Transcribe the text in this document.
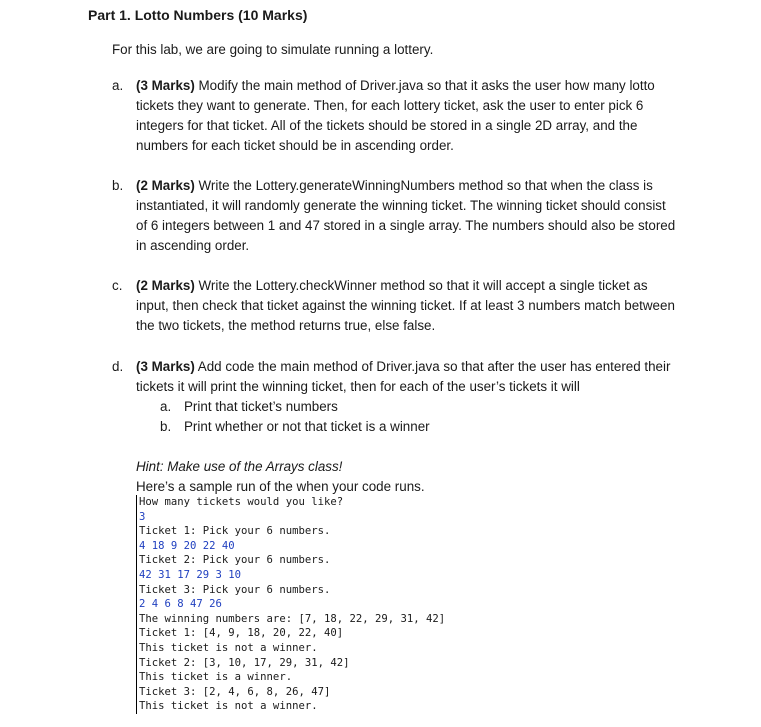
Part 1. Lotto Numbers (10 Marks)
For this lab, we are going to simulate running a lottery.
a. (3 Marks) Modify the main method of Driver.java so that it asks the user how many lotto
tickets they want to generate. Then, for each lottery ticket, ask the user to enter pick 6
integers for that ticket. All of the tickets should be stored in a single 2D array, and the
numbers for each ticket should be in ascending order.
b. (2 Marks) Write the Lottery.generateWinningNumbers method so that when the class is
instantiated, it will randomly generate the winning ticket. The winning ticket should consist
of 6 integers between 1 and 47 stored in a single array. The numbers should also be stored
in ascending order.
c.	(2 Marks) Write the Lottery.checkWinner method so that it will accept a single ticket as
input, then check that ticket against the winning ticket. If at least 3 numbers match between
the two tickets, the method returns true, else false.
d. (3 Marks) Add code the main method of Driver.java so that after the user has entered their
tickets it will print the winning ticket, then for each of the user’s tickets it will
a. Print that ticket’s numbers
b. Print whether or not that ticket is a winner
Hint: Make use of the Arrays class!
Here’s a sample run of the when your code runs.
How many tickets would you like?
3
Ticket 1: Pick your 6 numbers.
4 18 9 20 22 40
Ticket 2: Pick your 6 numbers.
42 31 17 29 3 10
Ticket 3: Pick your 6 numbers.
2 4 6 8 47 26
The winning numbers are: [7, 18, 22, 29, 31, 42]
Ticket 1: [4, 9, 18, 20, 22, 40]
This ticket is not a winner.
Ticket 2: [3, 10, 17, 29, 31, 42]
This ticket is a winner.
Ticket 3: [2, 4, 6, 8, 26, 47]
This ticket is not a winner.
